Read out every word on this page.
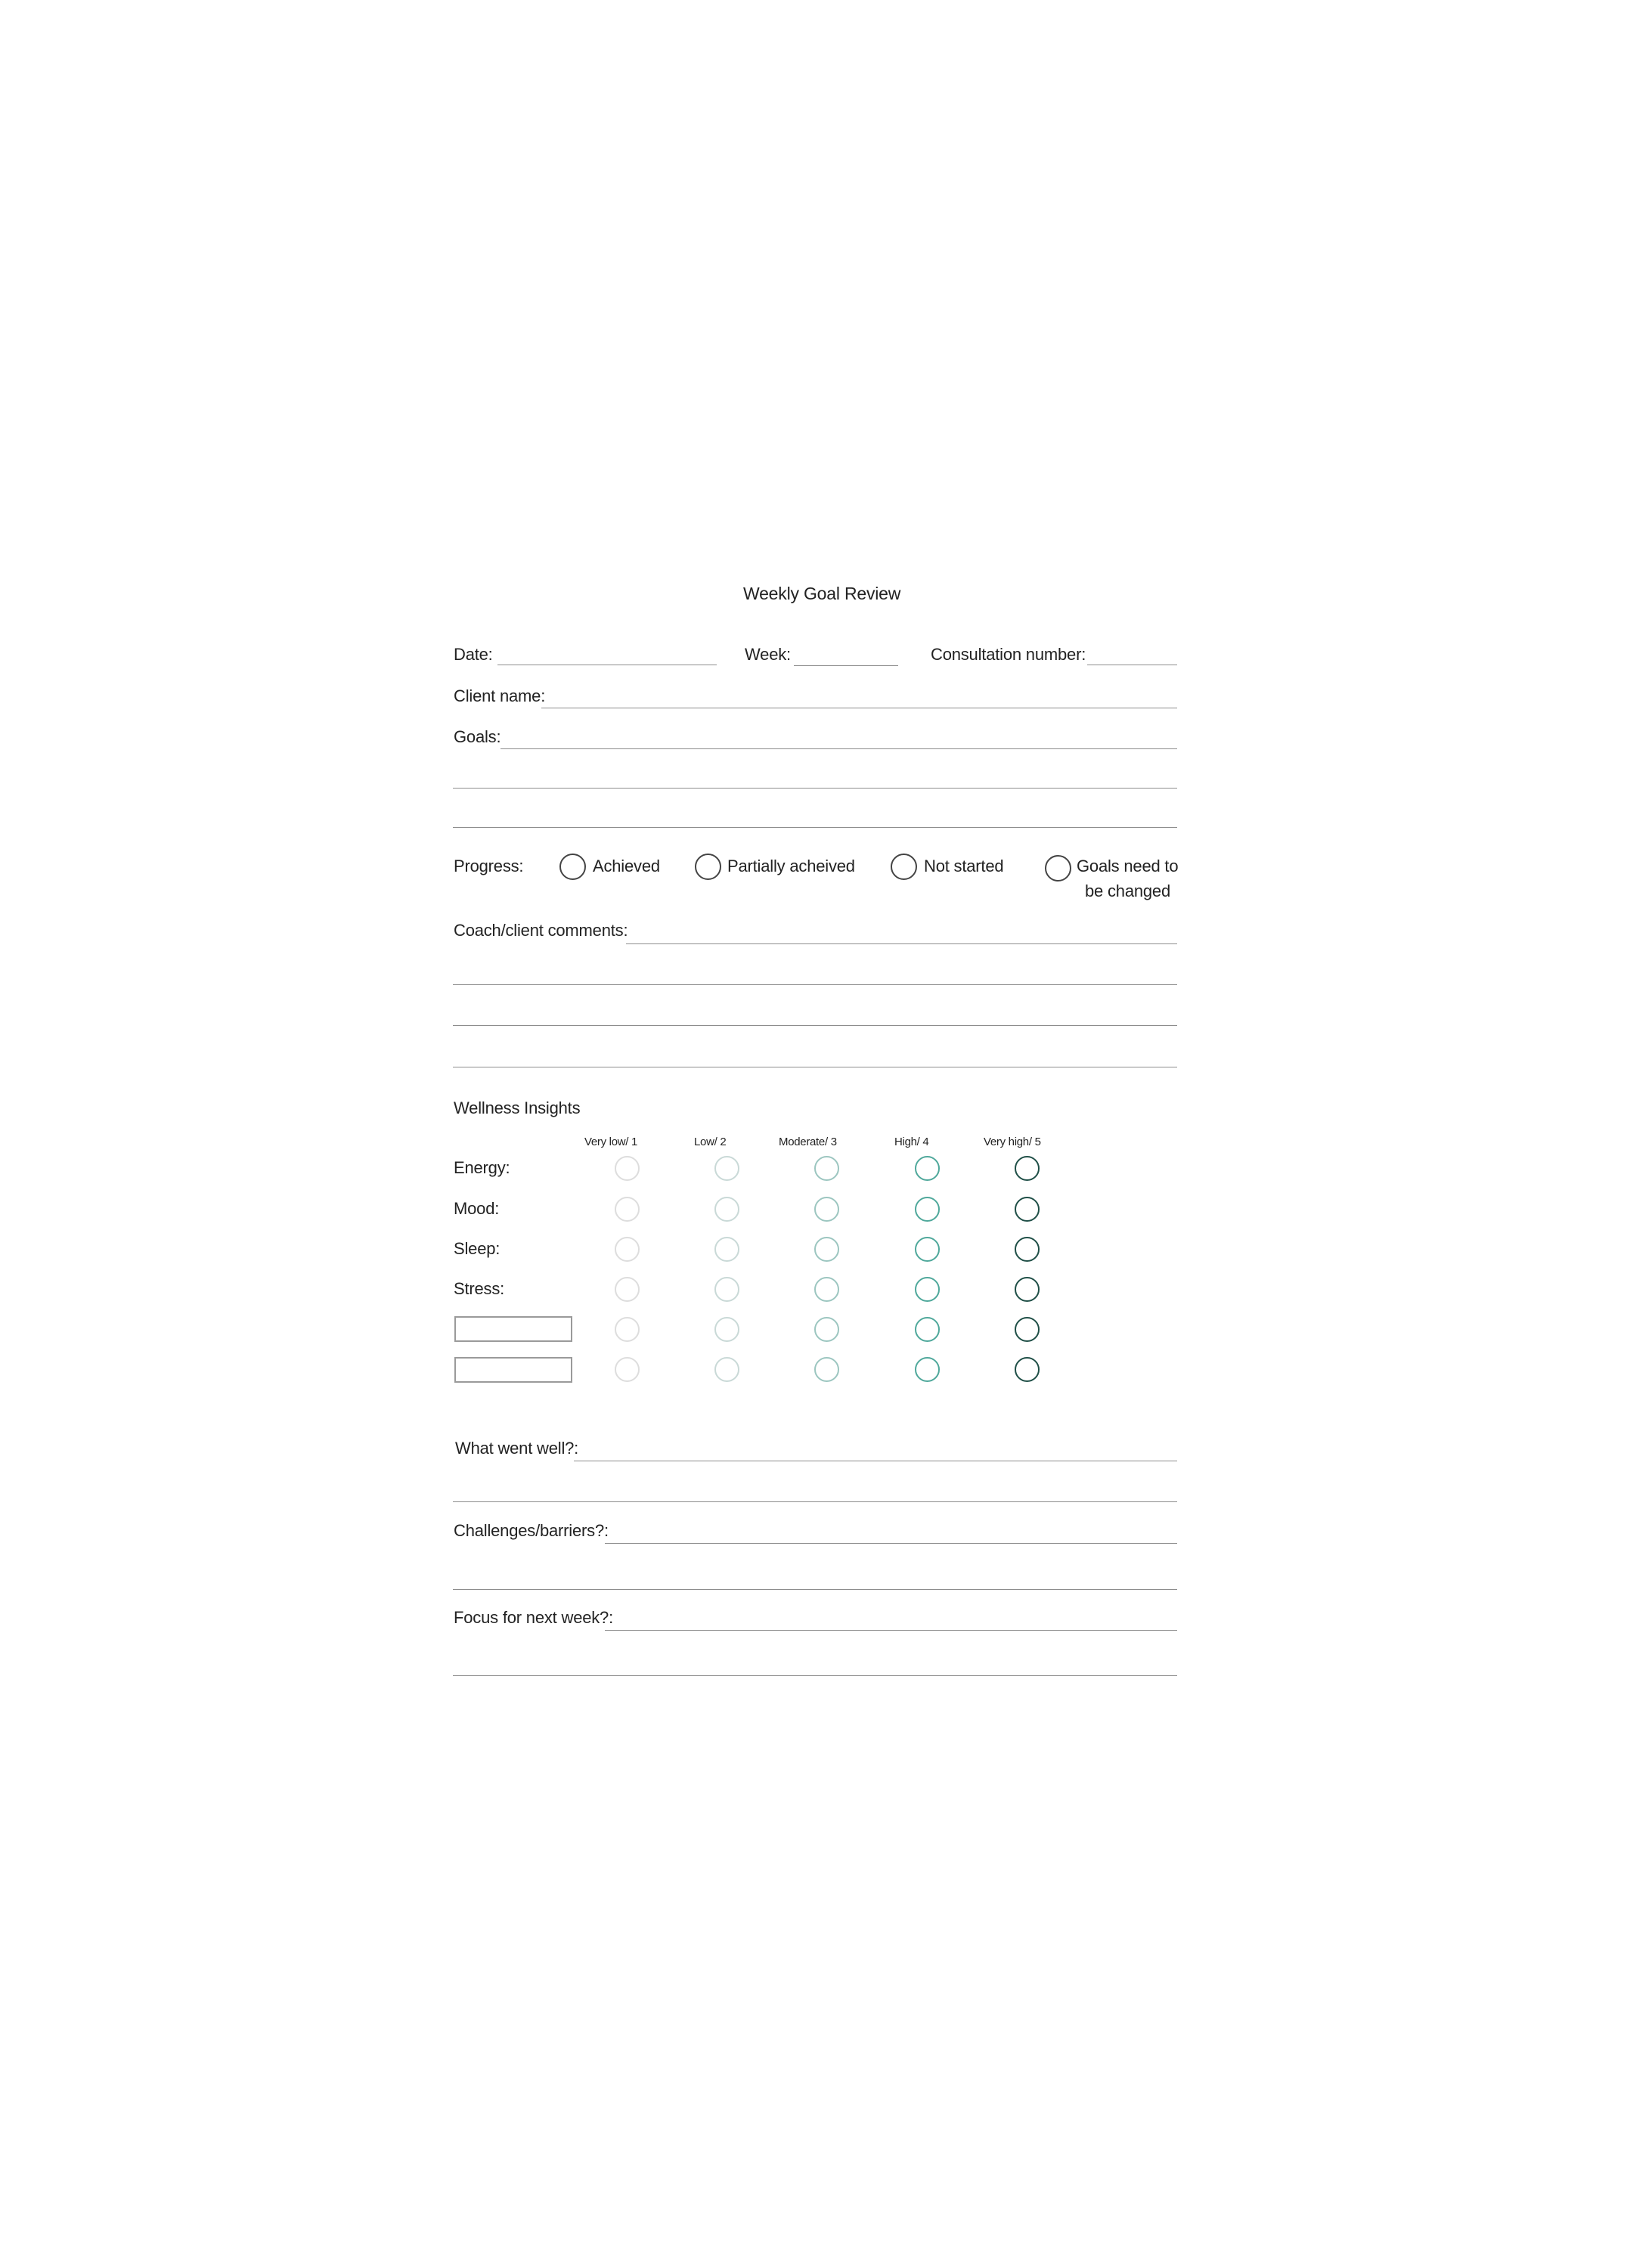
Weekly Goal Review
Date:	Week:	Consultation number:
Client name:
Goals:
Progress:	Achieved	Partially acheived	Not started	Goals need to
be changed
Coach/client comments:
Wellness Insights
Very low/ 1	Low/ 2	Moderate/ 3	High/ 4	Very high/ 5
Energy:
Mood:
Sleep:
Stress:
What went well?:
Challenges/barriers?:
Focus for next week?:
